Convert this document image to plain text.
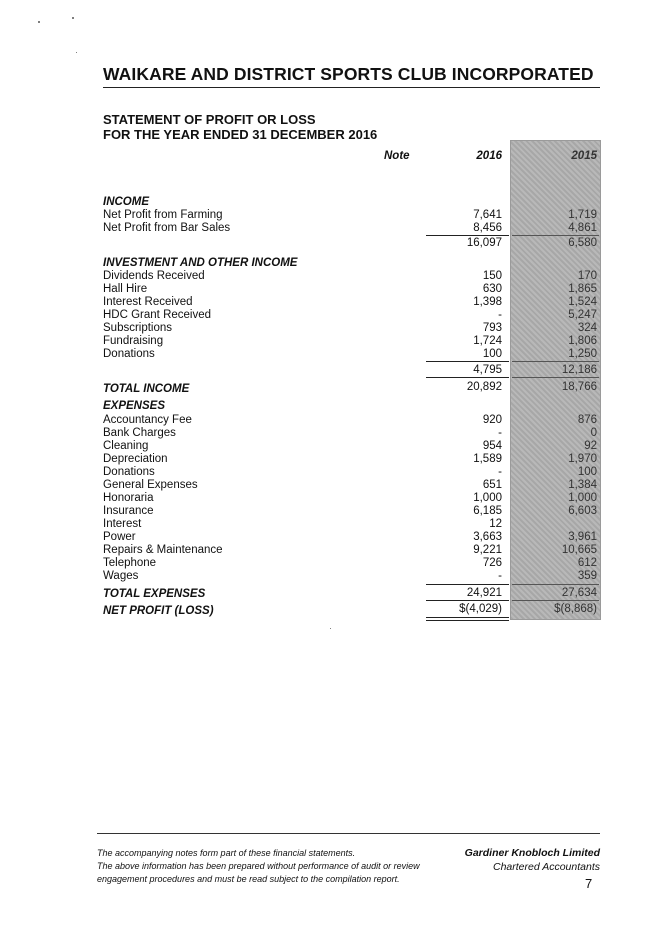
WAIKARE AND DISTRICT SPORTS CLUB INCORPORATED
STATEMENT OF PROFIT OR LOSS
FOR THE YEAR ENDED 31 DECEMBER 2016
Note	2016	2015
INCOME
Net Profit from Farming	7,641	1,719
Net Profit from Bar Sales	8,456	4,861
16,097	6,580
INVESTMENT AND OTHER INCOME
Dividends Received	150	170
Hall Hire	630	1,865
Interest Received	1,398	1,524
HDC Grant Received	-	5,247
Subscriptions	793	324
Fundraising	1,724	1,806
Donations	100	1,250
4,795	12,186
TOTAL INCOME	20,892	18,766
EXPENSES
Accountancy Fee	920	876
Bank Charges	-	0
Cleaning	954	92
Depreciation	1,589	1,970
Donations	-	100
General Expenses	651	1,384
Honoraria	1,000	1,000
Insurance	6,185	6,603
Interest	12
Power	3,663	3,961
Repairs & Maintenance	9,221	10,665
Telephone	726	612
Wages	-	359
TOTAL EXPENSES	24,921	27,634
NET PROFIT (LOSS)	$(4,029)	$(8,868)
The accompanying notes form part of these financial statements.
The above information has been prepared without performance of audit or review
engagement procedures and must be read subject to the compilation report.
Gardiner Knobloch Limited
Chartered Accountants
7
